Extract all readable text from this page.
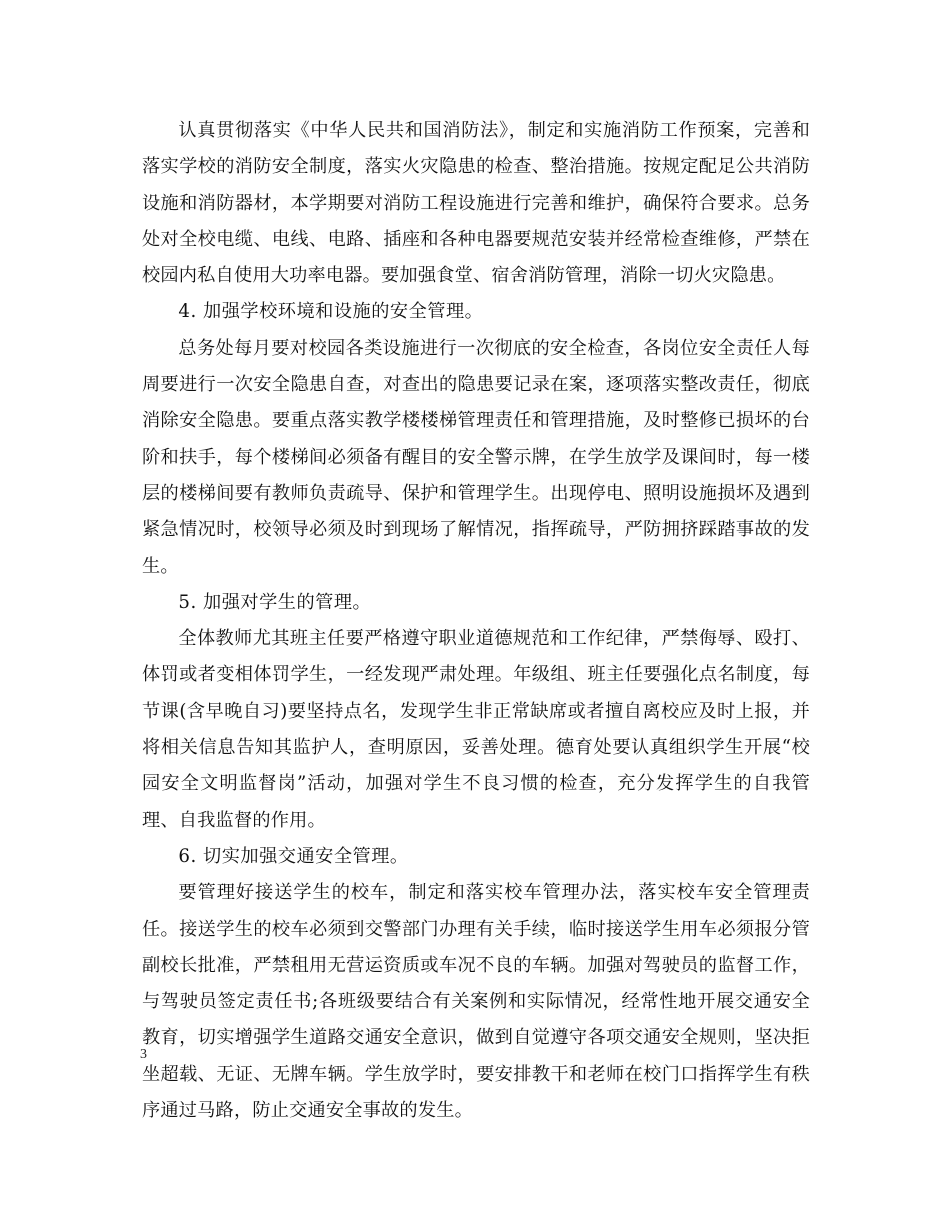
认真贯彻落实《中华人民共和国消防法》，制定和实施消防工作预案，完善和落实学校的消防安全制度，落实火灾隐患的检查、整治措施。按规定配足公共消防设施和消防器材，本学期要对消防工程设施进行完善和维护，确保符合要求。总务处对全校电缆、电线、电路、插座和各种电器要规范安装并经常检查维修，严禁在校园内私自使用大功率电器。要加强食堂、宿舍消防管理，消除一切火灾隐患。

4. 加强学校环境和设施的安全管理。

总务处每月要对校园各类设施进行一次彻底的安全检查，各岗位安全责任人每周要进行一次安全隐患自查，对查出的隐患要记录在案，逐项落实整改责任，彻底消除安全隐患。要重点落实教学楼楼梯管理责任和管理措施，及时整修已损坏的台阶和扶手，每个楼梯间必须备有醒目的安全警示牌，在学生放学及课间时，每一楼层的楼梯间要有教师负责疏导、保护和管理学生。出现停电、照明设施损坏及遇到紧急情况时，校领导必须及时到现场了解情况，指挥疏导，严防拥挤踩踏事故的发生。

5. 加强对学生的管理。

全体教师尤其班主任要严格遵守职业道德规范和工作纪律，严禁侮辱、殴打、体罚或者变相体罚学生，一经发现严肃处理。年级组、班主任要强化点名制度，每节课(含早晚自习)要坚持点名，发现学生非正常缺席或者擅自离校应及时上报，并将相关信息告知其监护人，查明原因，妥善处理。德育处要认真组织学生开展“校园安全文明监督岗”活动，加强对学生不良习惯的检查，充分发挥学生的自我管理、自我监督的作用。

6. 切实加强交通安全管理。

要管理好接送学生的校车，制定和落实校车管理办法，落实校车安全管理责任。接送学生的校车必须到交警部门办理有关手续，临时接送学生用车必须报分管副校长批准，严禁租用无营运资质或车况不良的车辆。加强对驾驶员的监督工作，与驾驶员签定责任书;各班级要结合有关案例和实际情况，经常性地开展交通安全教育，切实增强学生道路交通安全意识，做到自觉遵守各项交通安全规则，坚决拒坐超载、无证、无牌车辆。学生放学时，要安排教干和老师在校门口指挥学生有秩序通过马路，防止交通安全事故的发生。

3
